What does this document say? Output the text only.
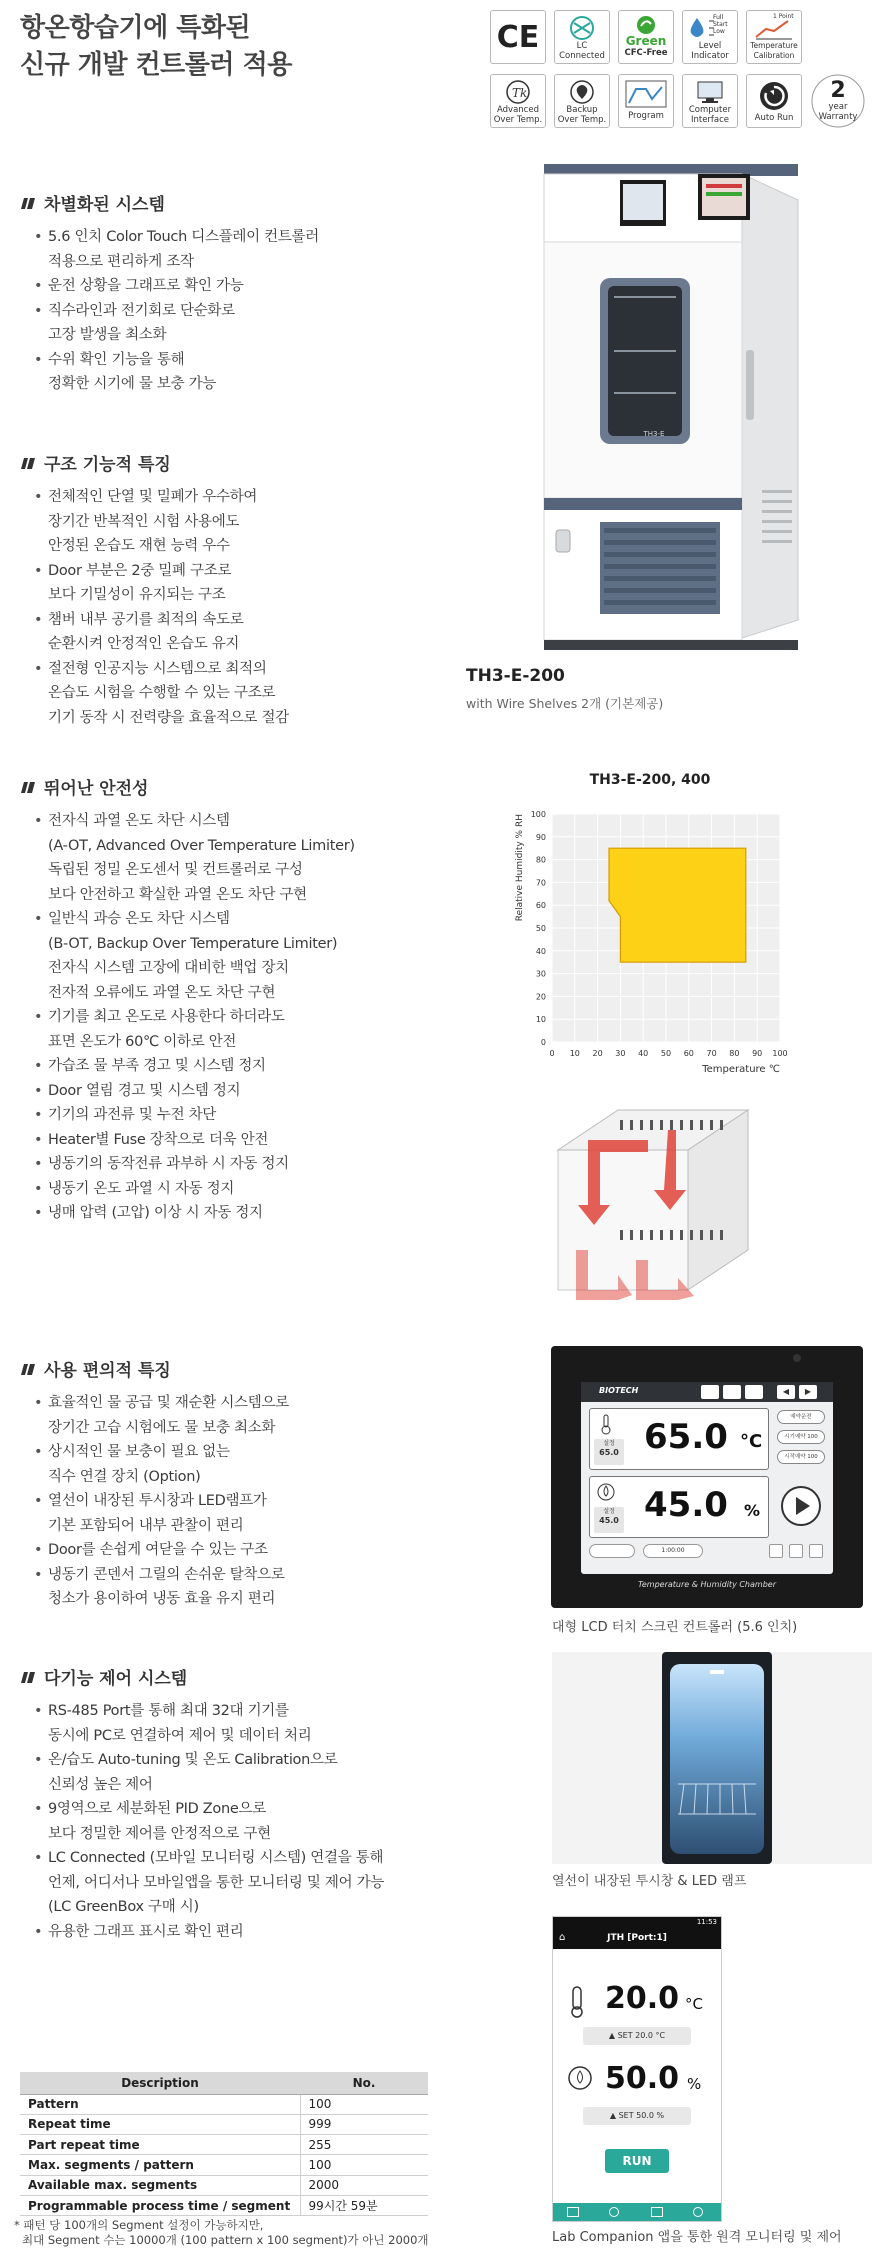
항온항습기에 특화된
신규 개발 컨트롤러 적용
CE	LC
Connected
Green
CFC-Free
Full
Start
Low
Level
Indicator
1 Point
Temperature
Calibration
Tk
Advanced
Over Temp.
Backup
Over Temp.	Program
Computer
Interface	Auto Run
2
year
Warranty
차별화된 시스템
• 5.6 인치 Color Touch 디스플레이 컨트롤러
적용으로 편리하게 조작
• 운전 상황을 그래프로 확인 가능
• 직수라인과 전기회로 단순화로
고장 발생을 최소화
• 수위 확인 기능을 통해
정확한 시기에 물 보충 가능
구조 기능적 특징
• 전체적인 단열 및 밀폐가 우수하여
장기간 반복적인 시험 사용에도
안정된 온습도 재현 능력 우수
• Door 부분은 2중 밀폐 구조로
보다 기밀성이 유지되는 구조
• 챔버 내부 공기를 최적의 속도로
순환시켜 안정적인 온습도 유지
• 절전형 인공지능 시스템으로 최적의
온습도 시험을 수행할 수 있는 구조로
기기 동작 시 전력량을 효율적으로 절감
뛰어난 안전성
• 전자식 과열 온도 차단 시스템
(A-OT, Advanced Over Temperature Limiter)
독립된 정밀 온도센서 및 컨트롤러로 구성
보다 안전하고 확실한 과열 온도 차단 구현
• 일반식 과승 온도 차단 시스템
(B-OT, Backup Over Temperature Limiter)
전자식 시스템 고장에 대비한 백업 장치
전자적 오류에도 과열 온도 차단 구현
• 기기를 최고 온도로 사용한다 하더라도
표면 온도가 60℃ 이하로 안전
• 가습조 물 부족 경고 및 시스템 정지
• Door 열림 경고 및 시스템 정지
• 기기의 과전류 및 누전 차단
• Heater별 Fuse 장착으로 더욱 안전
• 냉동기의 동작전류 과부하 시 자동 정지
• 냉동기 온도 과열 시 자동 정지
• 냉매 압력 (고압) 이상 시 자동 정지
사용 편의적 특징
• 효율적인 물 공급 및 재순환 시스템으로
장기간 고습 시험에도 물 보충 최소화
• 상시적인 물 보충이 필요 없는
직수 연결 장치 (Option)
• 열선이 내장된 투시창과 LED램프가
기본 포함되어 내부 관찰이 편리
• Door를 손쉽게 여닫을 수 있는 구조
• 냉동기 콘덴서 그릴의 손쉬운 탈착으로
청소가 용이하여 냉동 효율 유지 편리
다기능 제어 시스템
• RS-485 Port를 통해 최대 32대 기기를
동시에 PC로 연결하여 제어 및 데이터 처리
• 온/습도 Auto-tuning 및 온도 Calibration으로
신뢰성 높은 제어
• 9영역으로 세분화된 PID Zone으로
보다 정밀한 제어를 안정적으로 구현
• LC Connected (모바일 모니터링 시스템) 연결을 통해
언제, 어디서나 모바일앱을 통한 모니터링 및 제어 가능
(LC GreenBox 구매 시)
• 유용한 그래프 표시로 확인 편리
TH3-E
TH3-E-200
with Wire Shelves 2개 (기본제공)
TH3-E-200, 400
0 10 20 30 40 50 60 70 80 90 100
0
10
20
30
40
50
60
70
80
90
100
Temperature ℃
Relative Humidity % RH
BIOTECH	◀	▶
설정
65.0 65.0 °C
설정
45.0 45.0 %
예약운전
시기예약 100
시작예약 100
1:00:00
Temperature & Humidity Chamber
대형 LCD 터치 스크린 컨트롤러 (5.6 인치)
열선이 내장된 투시창 & LED 램프
11:53
⌂	JTH [Port:1]
20.0 °C
▲ SET 20.0 °C
50.0 %
▲ SET 50.0 %
RUN
Lab Companion 앱을 통한 원격 모니터링 및 제어
Description	No.
Pattern	100
Repeat time	999
Part repeat time	255
Max. segments / pattern	100
Available max. segments	2000
Programmable process time / segment	99시간 59분
* 패턴 당 100개의 Segment 설정이 가능하지만,
최대 Segment 수는 10000개 (100 pattern x 100 segment)가 아닌 2000개
